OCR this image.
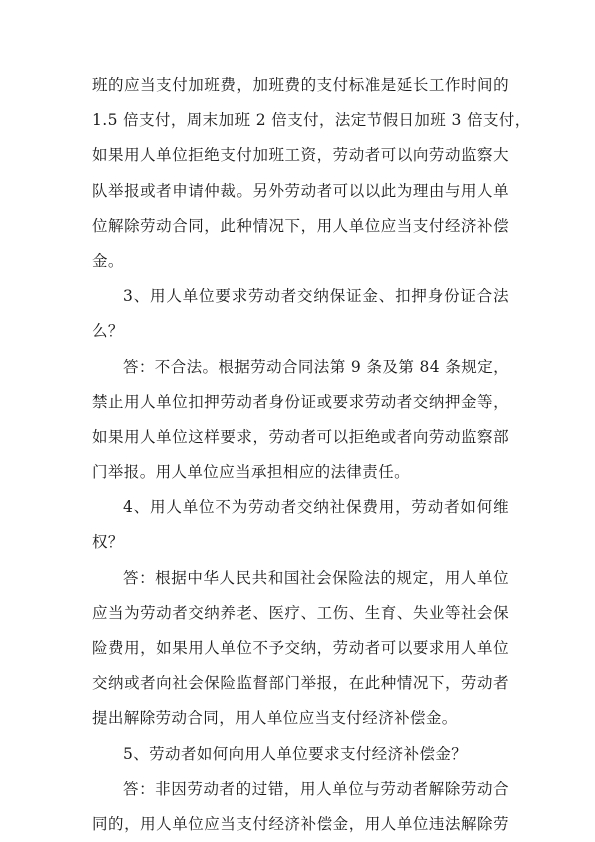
班的应当支付加班费，加班费的支付标准是延长工作时间的
1.5 倍支付，周末加班 2 倍支付，法定节假日加班 3 倍支付，
如果用人单位拒绝支付加班工资，劳动者可以向劳动监察大
队举报或者申请仲裁。另外劳动者可以以此为理由与用人单
位解除劳动合同，此种情况下，用人单位应当支付经济补偿
金。
3、用人单位要求劳动者交纳保证金、扣押身份证合法
么？
答：不合法。根据劳动合同法第 9 条及第 84 条规定，
禁止用人单位扣押劳动者身份证或要求劳动者交纳押金等，
如果用人单位这样要求，劳动者可以拒绝或者向劳动监察部
门举报。用人单位应当承担相应的法律责任。
4、用人单位不为劳动者交纳社保费用，劳动者如何维
权？
答：根据中华人民共和国社会保险法的规定，用人单位
应当为劳动者交纳养老、医疗、工伤、生育、失业等社会保
险费用，如果用人单位不予交纳，劳动者可以要求用人单位
交纳或者向社会保险监督部门举报，在此种情况下，劳动者
提出解除劳动合同，用人单位应当支付经济补偿金。
5、劳动者如何向用人单位要求支付经济补偿金？
答：非因劳动者的过错，用人单位与劳动者解除劳动合
同的，用人单位应当支付经济补偿金，用人单位违法解除劳
